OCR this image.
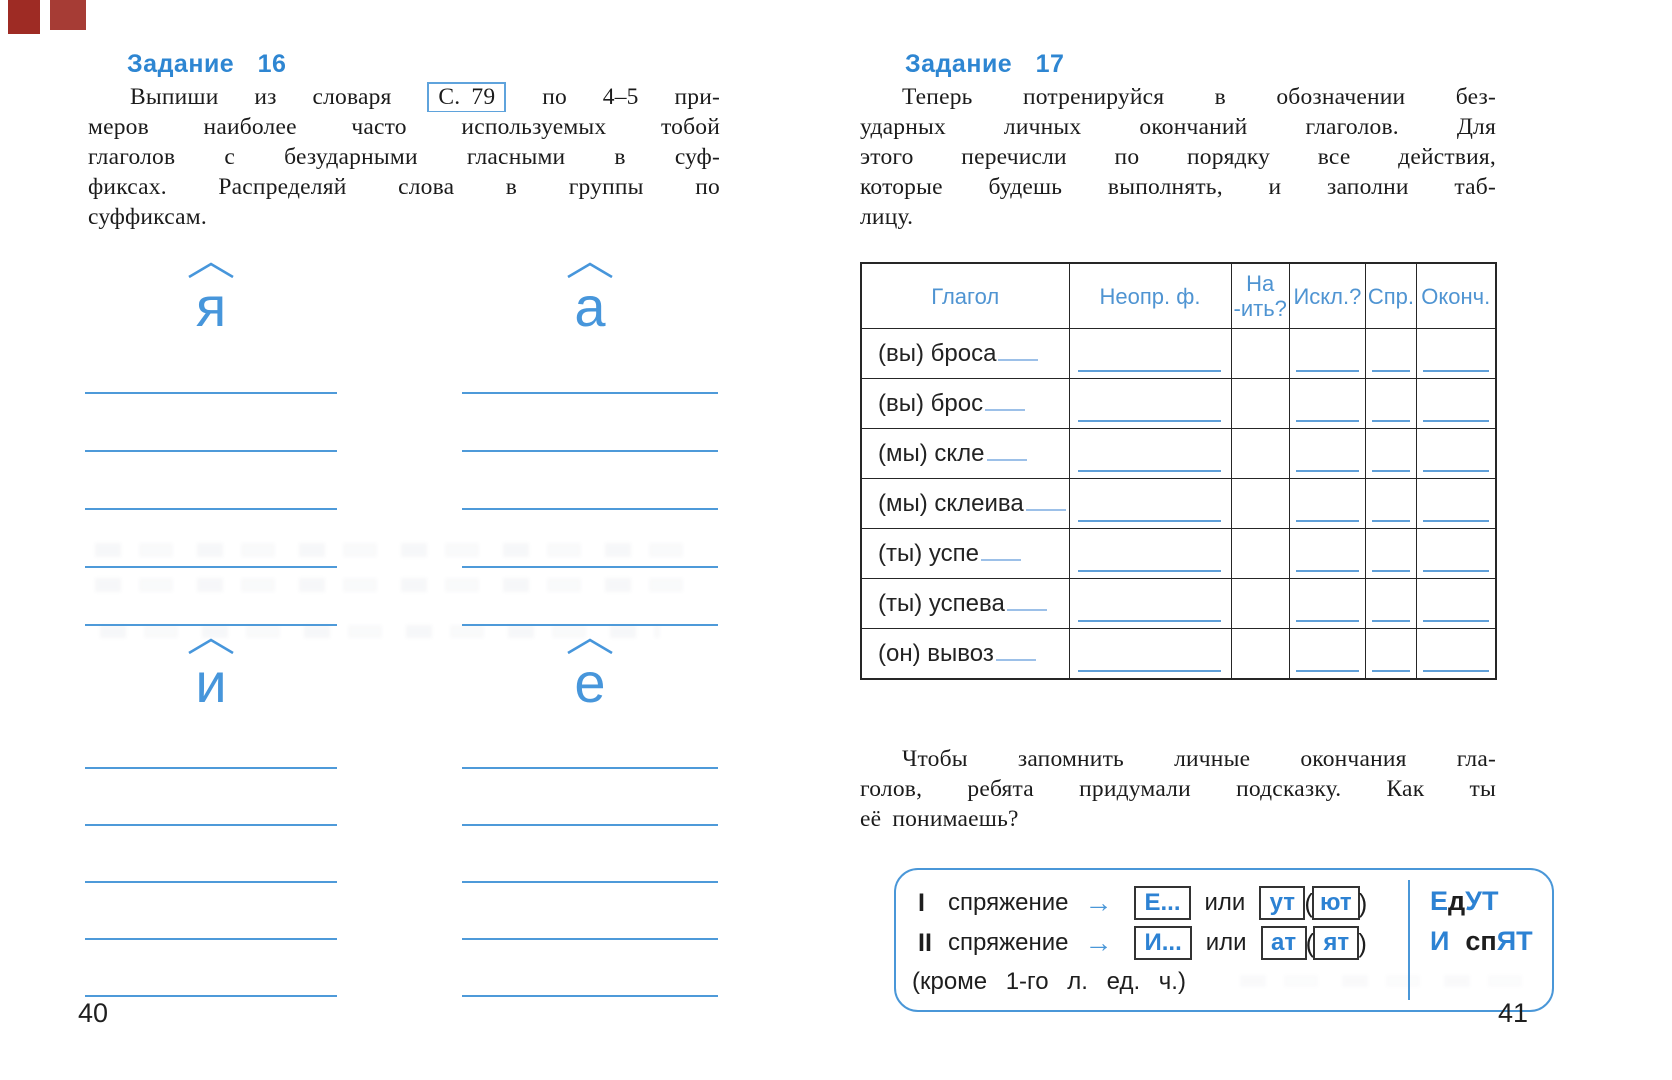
Задание 16
Выпиши из словаря С. 79 по 4–5 при-
меров наиболее часто используемых тобой
глаголов с безударными гласными в суф-
фиксах. Распределяй слова в группы по
суффиксам.
я	а
и	е
40
Задание 17
Теперь потренируйся в обозначении без-
ударных личных окончаний глаголов. Для
этого перечисли по порядку все действия,
которые будешь выполнять, и заполни таб-
лицу.
Глагол	Неопр. ф.	На -ить?	Искл.?	Спр.	Оконч.
(вы) броса	

(вы) брос	

(мы) скле	

(мы) склеива	

(ты) успе	

(ты) успева	

(он) вывоз	

Чтобы запомнить личные окончания гла-
голов, ребята придумали подсказку. Как ты
её понимаешь?
I спряжение →	Е...	или	ут ( ют )
II спряжение →	И...	или	ат ( ят )
(кроме 1-го л. ед. ч.)
ЕдУТ
И спЯТ
41
